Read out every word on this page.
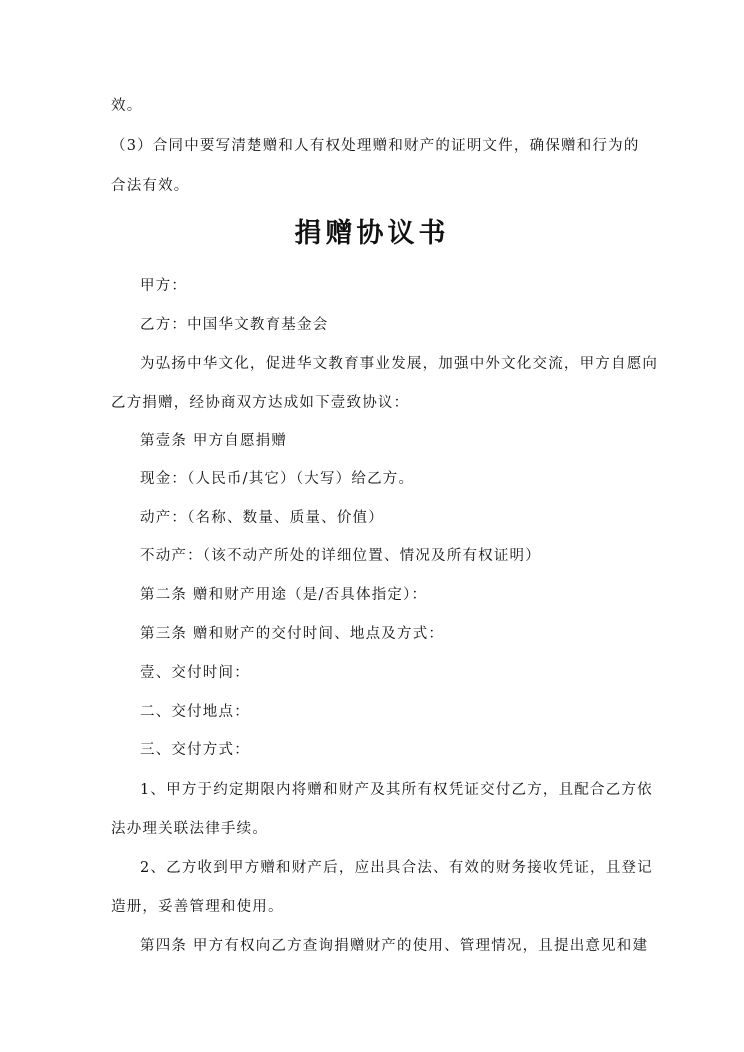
效。
（3）合同中要写清楚赠和人有权处理赠和财产的证明文件，确保赠和行为的
合法有效。
捐赠协议书
甲方：
乙方：中国华文教育基金会
为弘扬中华文化，促进华文教育事业发展，加强中外文化交流，甲方自愿向
乙方捐赠，经协商双方达成如下壹致协议：
第壹条 甲方自愿捐赠
现金：（人民币/其它）（大写）给乙方。
动产：（名称、数量、质量、价值）
不动产：（该不动产所处的详细位置、情况及所有权证明）
第二条 赠和财产用途（是/否具体指定）：
第三条 赠和财产的交付时间、地点及方式：
壹、交付时间：
二、交付地点：
三、交付方式：
1、甲方于约定期限内将赠和财产及其所有权凭证交付乙方，且配合乙方依
法办理关联法律手续。
2、乙方收到甲方赠和财产后，应出具合法、有效的财务接收凭证，且登记
造册，妥善管理和使用。
第四条 甲方有权向乙方查询捐赠财产的使用、管理情况，且提出意见和建
